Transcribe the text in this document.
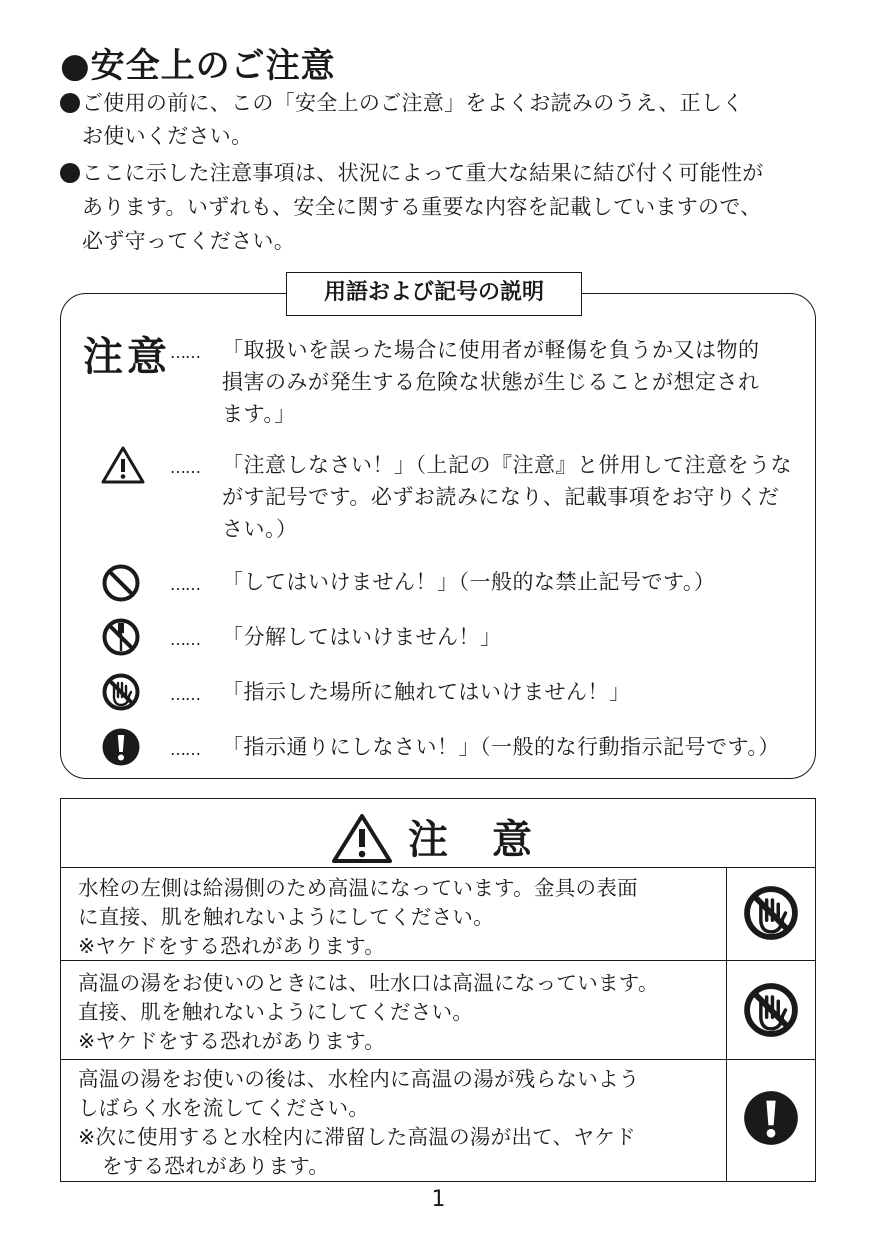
●安全上のご注意
ご使用の前に、この「安全上のご注意」をよくお読みのうえ、正しく
お使いください。
ここに示した注意事項は、状況によって重大な結果に結び付く可能性が
あります。いずれも、安全に関する重要な内容を記載していますので、
必ず守ってください。
用語および記号の説明
注意 …… 「取扱いを誤った場合に使用者が軽傷を負うか又は物的
損害のみが発生する危険な状態が生じることが想定され
ます。」
…… 「注意しなさい！」（上記の『注意』と併用して注意をうな
がす記号です。必ずお読みになり、記載事項をお守りくだ
さい。）
…… 「してはいけません！」（一般的な禁止記号です。）
…… 「分解してはいけません！」
…… 「指示した場所に触れてはいけません！」
…… 「指示通りにしなさい！」（一般的な行動指示記号です。）
注　意
水栓の左側は給湯側のため高温になっています。金具の表面
に直接、肌を触れないようにしてください。
※ヤケドをする恐れがあります。
高温の湯をお使いのときには、吐水口は高温になっています。
直接、肌を触れないようにしてください。
※ヤケドをする恐れがあります。
高温の湯をお使いの後は、水栓内に高温の湯が残らないよう
しばらく水を流してください。
※次に使用すると水栓内に滞留した高温の湯が出て、ヤケド
をする恐れがあります。
1
